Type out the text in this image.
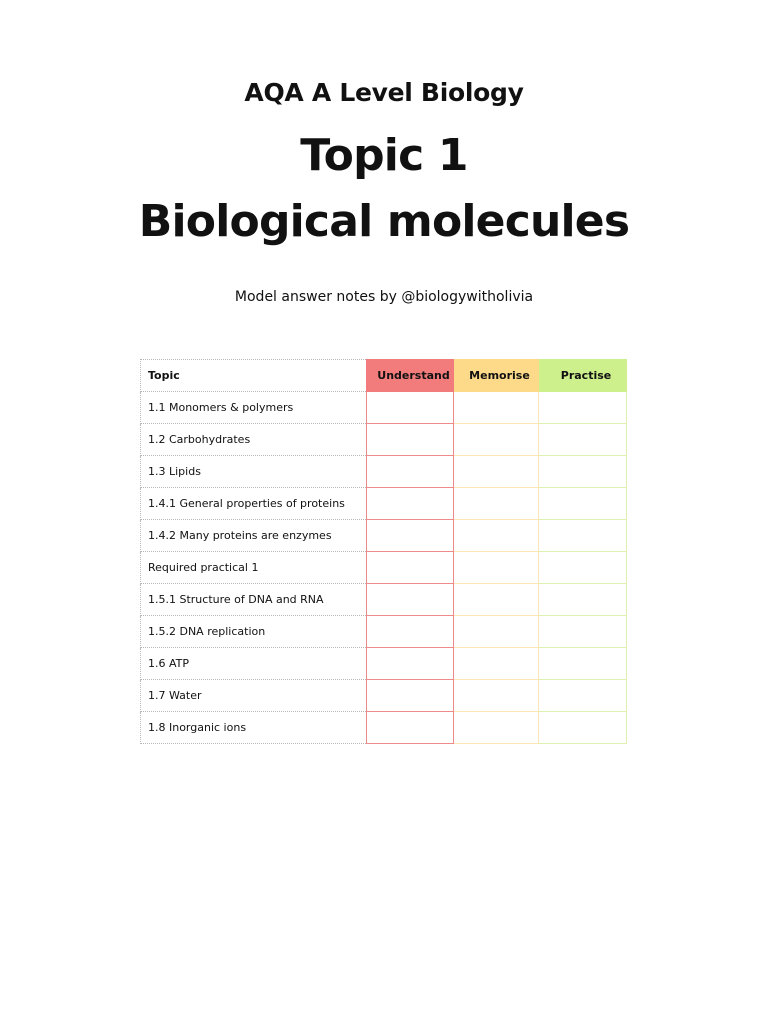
AQA A Level Biology
Topic 1
Biological molecules
Model answer notes by @biologywitholivia
Topic	Understand	Memorise	Practise
1.1 Monomers & polymers			
1.2 Carbohydrates			
1.3 Lipids			
1.4.1 General properties of proteins			
1.4.2 Many proteins are enzymes			
Required practical 1			
1.5.1 Structure of DNA and RNA			
1.5.2 DNA replication			
1.6 ATP			
1.7 Water			
1.8 Inorganic ions			
